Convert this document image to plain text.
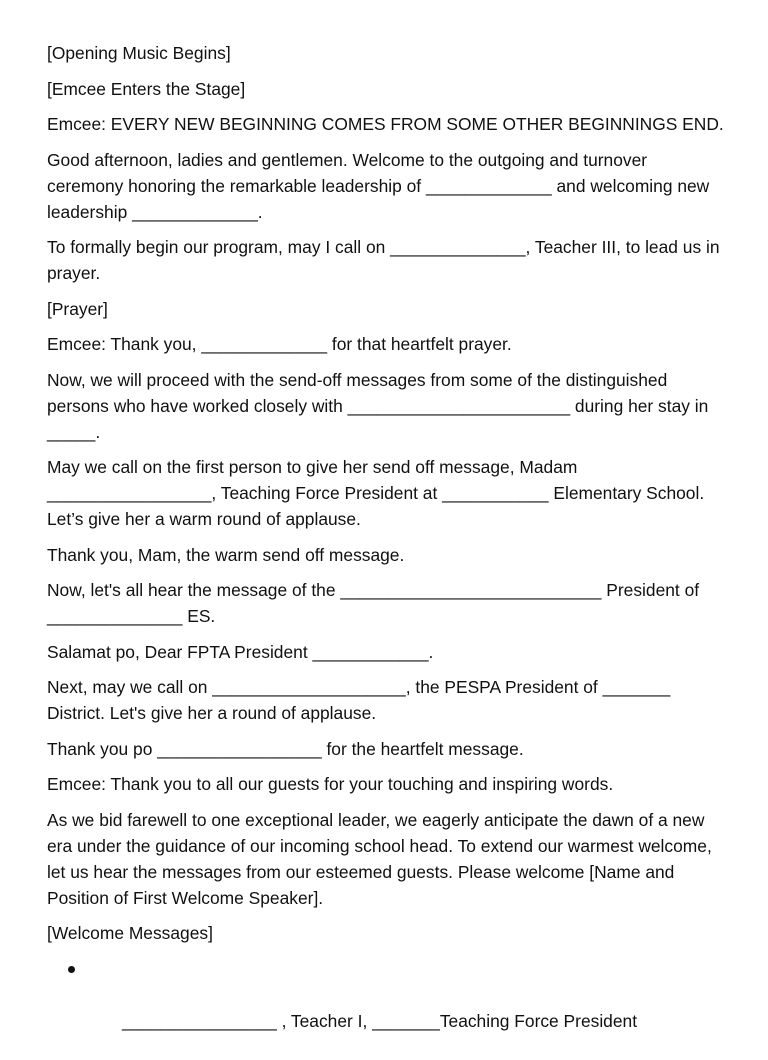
[Opening Music Begins]

[Emcee Enters the Stage]

Emcee: EVERY NEW BEGINNING COMES FROM SOME OTHER BEGINNINGS END.

Good afternoon, ladies and gentlemen. Welcome to the outgoing and turnover ceremony honoring the remarkable leadership of _____________ and welcoming new leadership _____________.

To formally begin our program, may I call on ______________, Teacher III, to lead us in prayer.

[Prayer]

Emcee: Thank you, _____________ for that heartfelt prayer.

Now, we will proceed with the send-off messages from some of the distinguished persons who have worked closely with _______________________ during her stay in _____.

May we call on the first person to give her send off message, Madam _________________, Teaching Force President at ___________ Elementary School. Let’s give her a warm round of applause.

Thank you, Mam, the warm send off message.

Now, let's all hear the message of the ___________________________ President of ______________ ES.

Salamat po, Dear FPTA President ____________.

Next, may we call on ____________________, the PESPA President of _______ District. Let's give her a round of applause.

Thank you po _________________ for the heartfelt message.

Emcee: Thank you to all our guests for your touching and inspiring words.

As we bid farewell to one exceptional leader, we eagerly anticipate the dawn of a new era under the guidance of our incoming school head. To extend our warmest welcome, let us hear the messages from our esteemed guests. Please welcome [Name and Position of First Welcome Speaker].

[Welcome Messages]

________________ , Teacher I, _______Teaching Force President
